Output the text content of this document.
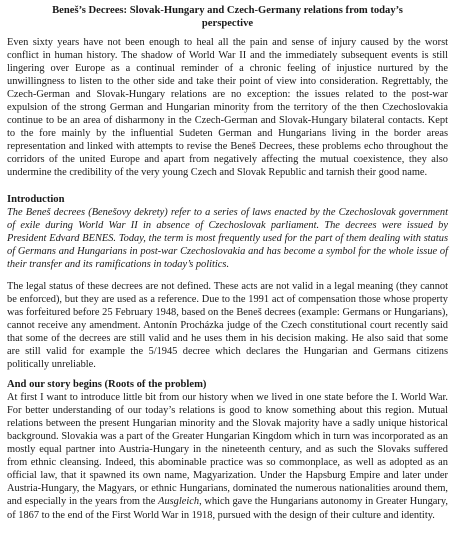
Beneš’s Decrees: Slovak-Hungary and Czech-Germany relations from today’s perspective

Even sixty years have not been enough to heal all the pain and sense of injury caused by the worst conflict in human history. The shadow of World War II and the immediately subsequent events is still lingering over Europe as a continual reminder of a chronic feeling of injustice nurtured by the unwillingness to listen to the other side and take their point of view into consideration. Regrettably, the Czech-German and Slovak-Hungary relations are no exception: the issues related to the post-war expulsion of the strong German and Hungarian minority from the territory of the then Czechoslovakia continue to be an area of disharmony in the Czech-German and Slovak-Hungary bilateral contacts. Kept to the fore mainly by the influential Sudeten German and Hungarians living in the border areas representation and linked with attempts to revise the Beneš Decrees, these problems echo throughout the corridors of the united Europe and apart from negatively affecting the mutual coexistence, they also undermine the credibility of the very young Czech and Slovak Republic and tarnish their good name.

Introduction

The Beneš decrees (Benešovy dekrety) refer to a series of laws enacted by the Czechoslovak government of exile during World War II in absence of Czechoslovak parliament. The decrees were issued by President Edvard BENES. Today, the term is most frequently used for the part of them dealing with status of Germans and Hungarians in post-war Czechoslovakia and has become a symbol for the whole issue of their transfer and its ramifications in today’s politics.

The legal status of these decrees are not defined. These acts are not valid in a legal meaning (they cannot be enforced), but they are used as a reference. Due to the 1991 act of compensation those whose property was forfeitured before 25 February 1948, based on the Beneš decrees (example: Germans or Hungarians), cannot receive any amendment. Antonín Procházka judge of the Czech constitutional court recently said that some of the decrees are still valid and he uses them in his decision making. He also said that some are still valid for example the 5/1945 decree which declares the Hungarian and Germans citizens politically unreliable.

And our story begins (Roots of the problem)

At first I want to introduce little bit from our history when we lived in one state before the I. World War. For better understanding of our today’s relations is good to know something about this region. Mutual relations between the present Hungarian minority and the Slovak majority have a sadly unique historical background. Slovakia was a part of the Greater Hungarian Kingdom which in turn was incorporated as an mostly equal partner into Austria-Hungary in the nineteenth century, and as such the Slovaks suffered from ethnic cleansing. Indeed, this abominable practice was so commonplace, as well as adopted as an official law, that it spawned its own name, Magyarization. Under the Hapsburg Empire and later under Austria-Hungary, the Magyars, or ethnic Hungarians, dominated the numerous nationalities around them, and especially in the years from the Ausgleich, which gave the Hungarians autonomy in Greater Hungary, of 1867 to the end of the First World War in 1918, pursued with the design of their culture and identity.
